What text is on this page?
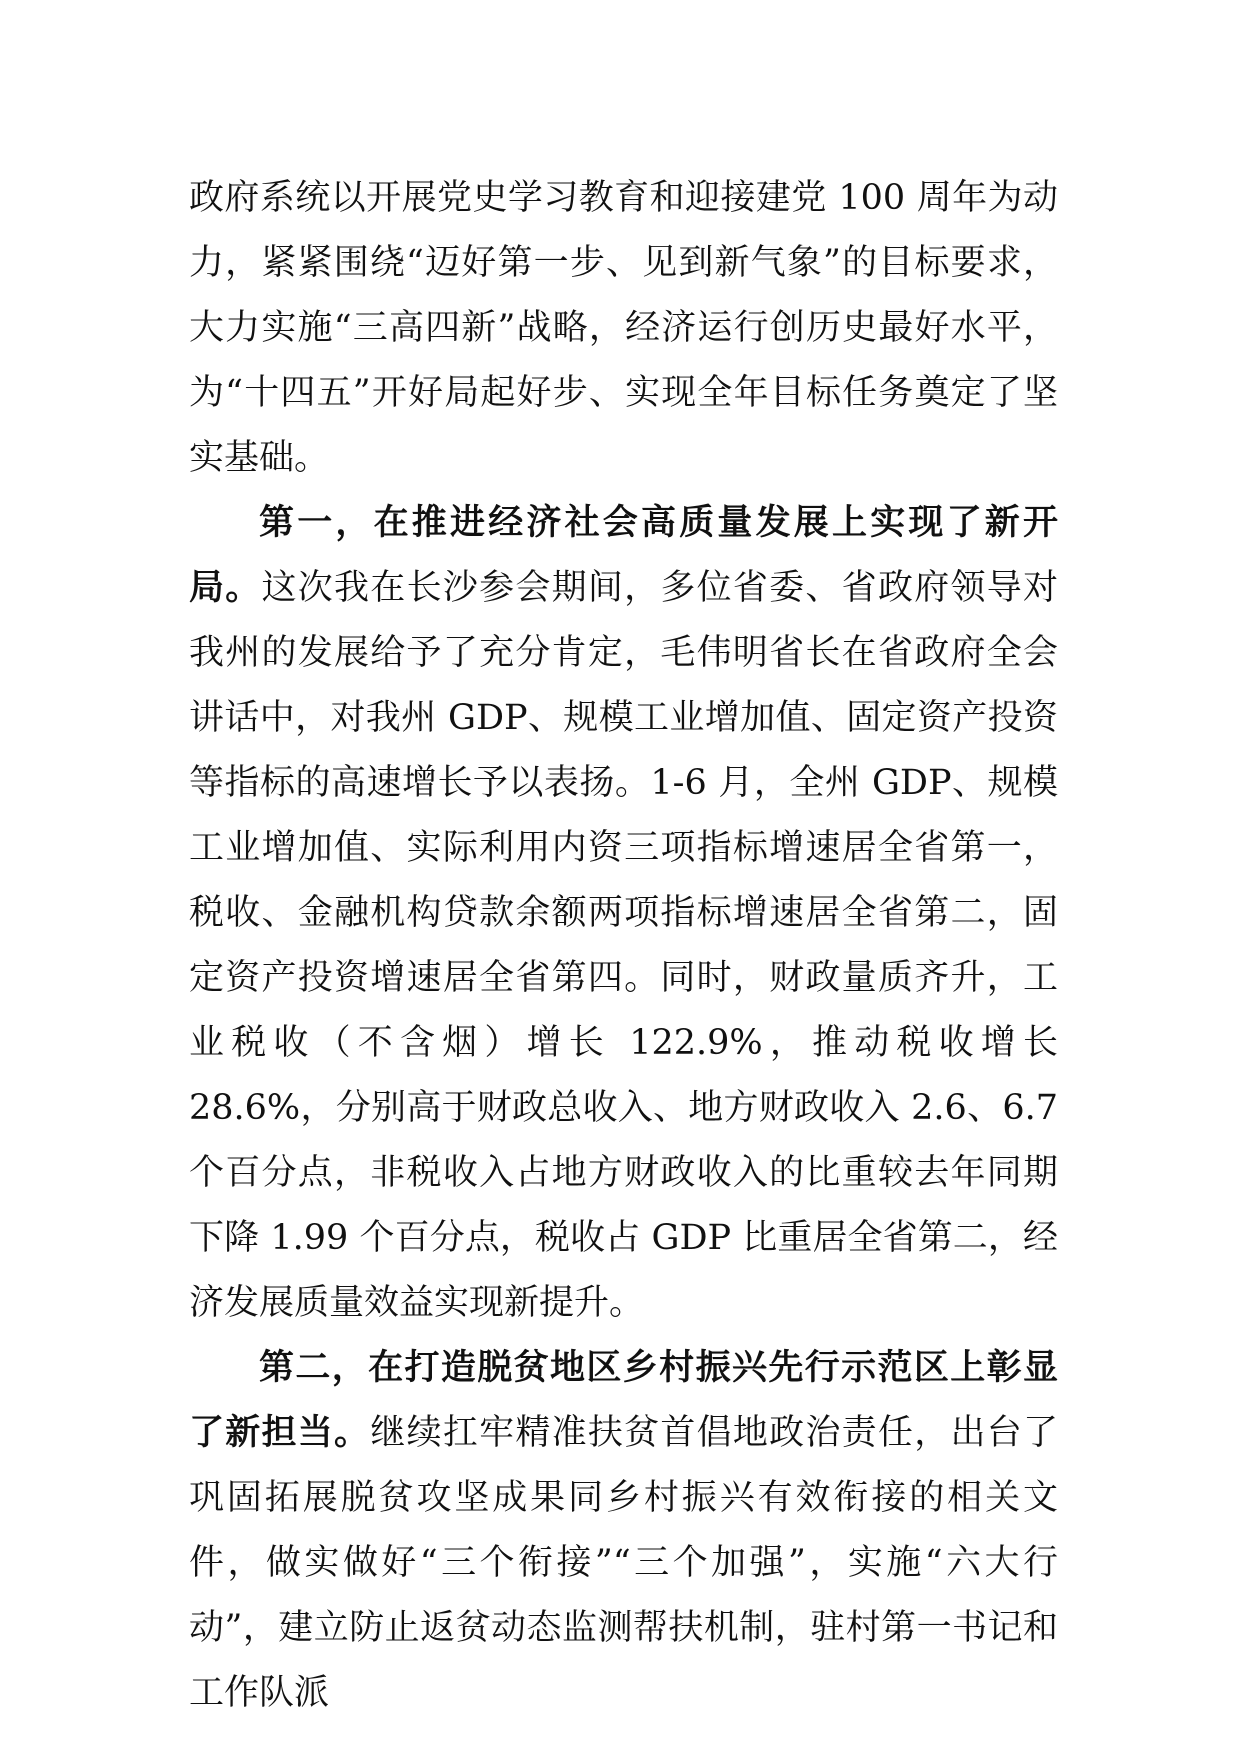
政府系统以开展党史学习教育和迎接建党 100 周年为动力，紧紧围绕“迈好第一步、见到新气象”的目标要求，大力实施“三高四新”战略，经济运行创历史最好水平，为“十四五”开好局起好步、实现全年目标任务奠定了坚实基础。

第一，在推进经济社会高质量发展上实现了新开局。这次我在长沙参会期间，多位省委、省政府领导对我州的发展给予了充分肯定，毛伟明省长在省政府全会讲话中，对我州 GDP、规模工业增加值、固定资产投资等指标的高速增长予以表扬。1-6 月，全州 GDP、规模工业增加值、实际利用内资三项指标增速居全省第一，税收、金融机构贷款余额两项指标增速居全省第二，固定资产投资增速居全省第四。同时，财政量质齐升，工业税收（不含烟）增长 122.9%，推动税收增长 28.6%，分别高于财政总收入、地方财政收入 2.6、6.7 个百分点，非税收入占地方财政收入的比重较去年同期下降 1.99 个百分点，税收占 GDP 比重居全省第二，经济发展质量效益实现新提升。

第二，在打造脱贫地区乡村振兴先行示范区上彰显了新担当。继续扛牢精准扶贫首倡地政治责任，出台了巩固拓展脱贫攻坚成果同乡村振兴有效衔接的相关文件，做实做好“三个衔接”“三个加强”，实施“六大行动”，建立防止返贫动态监测帮扶机制，驻村第一书记和工作队派
